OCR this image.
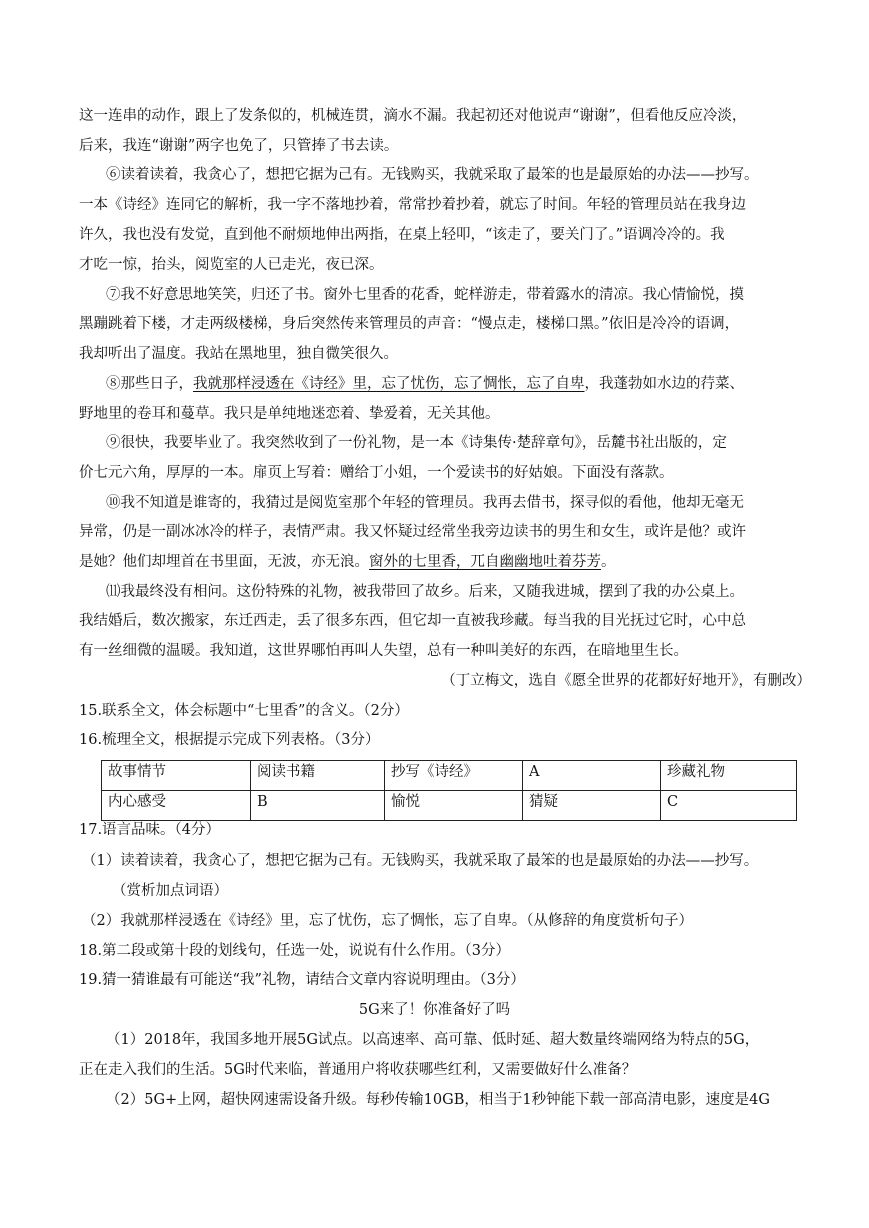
这一连串的动作，跟上了发条似的，机械连贯，滴水不漏。我起初还对他说声“谢谢”，但看他反应冷淡，
后来，我连“谢谢”两字也免了，只管捧了书去读。
⑥读着读着，我贪心了，想把它据为己有。无钱购买，我就采取了最笨的也是最原始的办法——抄写。
一本《诗经》连同它的解析，我一字不落地抄着，常常抄着抄着，就忘了时间。年轻的管理员站在我身边
许久，我也没有发觉，直到他不耐烦地伸出两指，在桌上轻叩，“该走了，要关门了。”语调冷冷的。我
才吃一惊，抬头，阅览室的人已走光，夜已深。
⑦我不好意思地笑笑，归还了书。窗外七里香的花香，蛇样游走，带着露水的清凉。我心情愉悦，摸
黑蹦跳着下楼，才走两级楼梯，身后突然传来管理员的声音：“慢点走，楼梯口黑。”依旧是冷冷的语调，
我却听出了温度。我站在黑地里，独自微笑很久。
⑧那些日子，我就那样浸透在《诗经》里，忘了忧伤，忘了惆怅，忘了自卑，我蓬勃如水边的荇菜、
野地里的卷耳和蔓草。我只是单纯地迷恋着、挚爱着，无关其他。
⑨很快，我要毕业了。我突然收到了一份礼物，是一本《诗集传·楚辞章句》，岳麓书社出版的，定
价七元六角，厚厚的一本。扉页上写着：赠给丁小姐，一个爱读书的好姑娘。下面没有落款。
⑩我不知道是谁寄的，我猜过是阅览室那个年轻的管理员。我再去借书，探寻似的看他，他却无毫无
异常，仍是一副冰冰冷的样子，表情严肃。我又怀疑过经常坐我旁边读书的男生和女生，或许是他？或许
是她？他们却埋首在书里面，无波，亦无浪。窗外的七里香，兀自幽幽地吐着芬芳。
⑾我最终没有相问。这份特殊的礼物，被我带回了故乡。后来，又随我进城，摆到了我的办公桌上。
我结婚后，数次搬家，东迁西走，丢了很多东西，但它却一直被我珍藏。每当我的目光抚过它时，心中总
有一丝细微的温暖。我知道，这世界哪怕再叫人失望，总有一种叫美好的东西，在暗地里生长。
（丁立梅文，选自《愿全世界的花都好好地开》，有删改）
15.联系全文，体会标题中“七里香”的含义。（2分）
16.梳理全文，根据提示完成下列表格。（3分）
故事情节	阅读书籍	抄写《诗经》	A	珍藏礼物
内心感受	B	愉悦	猜疑	C
17.语言品味。（4分）
（1）读着读着，我贪心了，想把它据为己有。无钱购买，我就采取了最笨的也是最原始的办法——抄写。
（赏析加点词语）
（2）我就那样浸透在《诗经》里，忘了忧伤，忘了惆怅，忘了自卑。（从修辞的角度赏析句子）
18.第二段或第十段的划线句，任选一处，说说有什么作用。（3分）
19.猜一猜谁最有可能送“我”礼物，请结合文章内容说明理由。（3分）
5G来了！你准备好了吗
（1）2018年，我国多地开展5G试点。以高速率、高可靠、低时延、超大数量终端网络为特点的5G，
正在走入我们的生活。5G时代来临，普通用户将收获哪些红利，又需要做好什么准备？
（2）5G+上网，超快网速需设备升级。每秒传输10GB，相当于1秒钟能下载一部高清电影，速度是4G
